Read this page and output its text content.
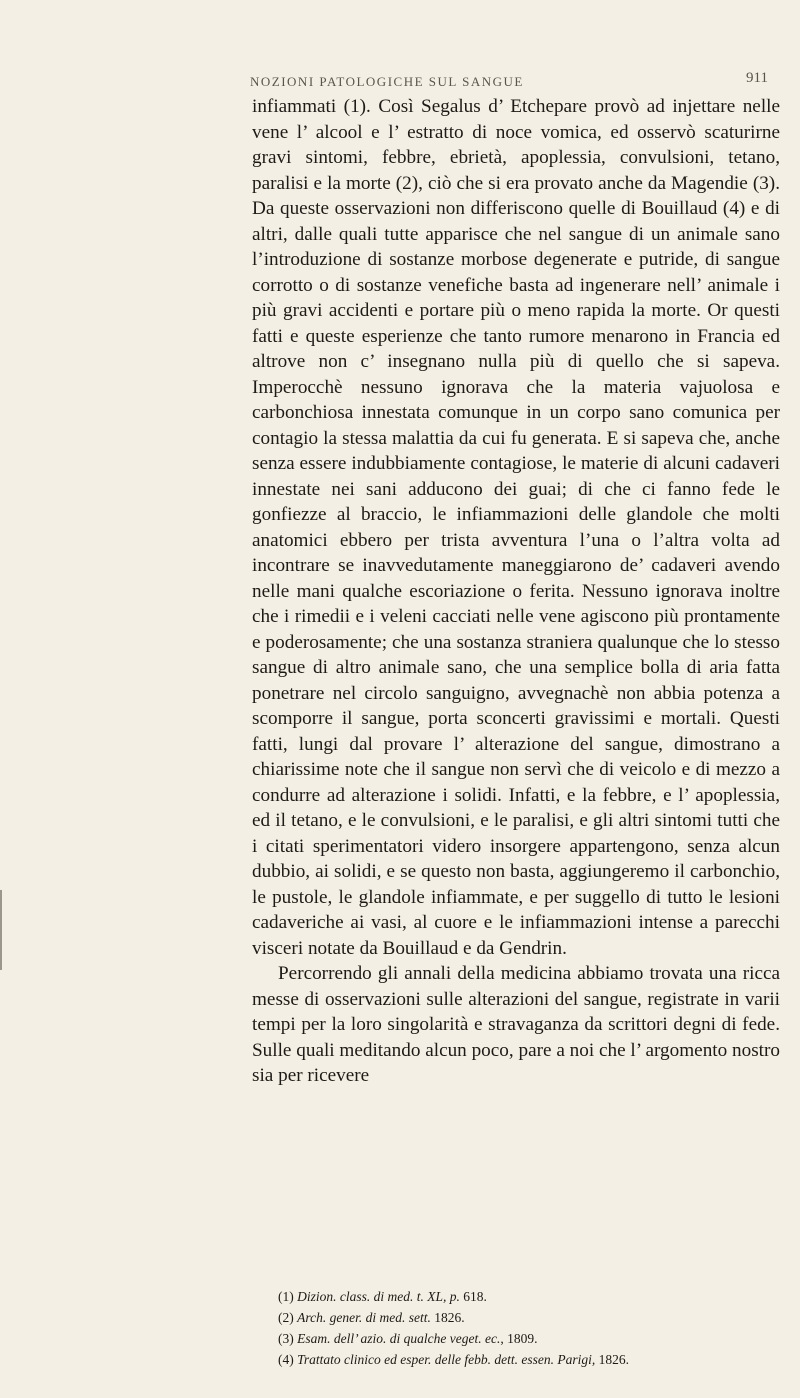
NOZIONI PATOLOGICHE SUL SANGUE	911

infiammati (1). Così Segalus d’ Etchepare provò ad injettare nelle vene l’ alcool e l’ estratto di noce vomica, ed osservò scaturirne gravi sintomi, febbre, ebrietà, apoplessia, convulsioni, tetano, paralisi e la morte (2), ciò che si era provato anche da Magendie (3). Da queste osservazioni non differiscono quelle di Bouillaud (4) e di altri, dalle quali tutte apparisce che nel sangue di un animale sano l’introduzione di sostanze morbose degenerate e putride, di sangue corrotto o di sostanze venefiche basta ad ingenerare nell’ animale i più gravi accidenti e portare più o meno rapida la morte. Or questi fatti e queste esperienze che tanto rumore menarono in Francia ed altrove non c’ insegnano nulla più di quello che si sapeva. Imperocchè nessuno ignorava che la materia vajuolosa e carbonchiosa innestata comunque in un corpo sano comunica per contagio la stessa malattia da cui fu generata. E si sapeva che, anche senza essere indubbiamente contagiose, le materie di alcuni cadaveri innestate nei sani adducono dei guai; di che ci fanno fede le gonfiezze al braccio, le infiammazioni delle glandole che molti anatomici ebbero per trista avventura l’una o l’altra volta ad incontrare se inavvedutamente maneggiarono de’ cadaveri avendo nelle mani qualche escoriazione o ferita. Nessuno ignorava inoltre che i rimedii e i veleni cacciati nelle vene agiscono più prontamente e poderosamente; che una sostanza straniera qualunque che lo stesso sangue di altro animale sano, che una semplice bolla di aria fatta ponetrare nel circolo sanguigno, avvegnachè non abbia potenza a scomporre il sangue, porta sconcerti gravissimi e mortali. Questi fatti, lungi dal provare l’ alterazione del sangue, dimostrano a chiarissime note che il sangue non servì che di veicolo e di mezzo a condurre ad alterazione i solidi. Infatti, e la febbre, e l’ apoplessia, ed il tetano, e le convulsioni, e le paralisi, e gli altri sintomi tutti che i citati sperimentatori videro insorgere appartengono, senza alcun dubbio, ai solidi, e se questo non basta, aggiungeremo il carbonchio, le pustole, le glandole infiammate, e per suggello di tutto le lesioni cadaveriche ai vasi, al cuore e le infiammazioni intense a parecchi visceri notate da Bouillaud e da Gendrin.

Percorrendo gli annali della medicina abbiamo trovata una ricca messe di osservazioni sulle alterazioni del sangue, registrate in varii tempi per la loro singolarità e stravaganza da scrittori degni di fede. Sulle quali meditando alcun poco, pare a noi che l’ argomento nostro sia per ricevere

(1) Dizion. class. di med. t. XL, p. 618.
(2) Arch. gener. di med. sett. 1826.
(3) Esam. dell’ azio. di qualche veget. ec., 1809.
(4) Trattato clinico ed esper. delle febb. dett. essen. Parigi, 1826.
